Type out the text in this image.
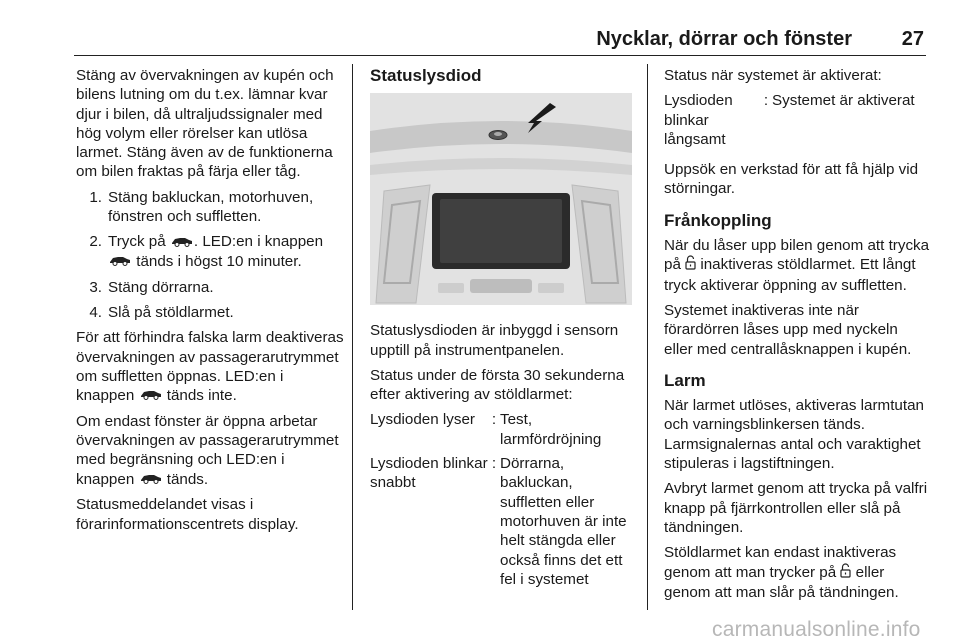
Nycklar, dörrar och fönster 27

Stäng av övervakningen av kupén och bilens lutning om du t.ex. lämnar kvar djur i bilen, då ultraljudssignaler med hög volym eller rörelser kan utlösa larmet. Stäng även av de funktionerna om bilen fraktas på färja eller tåg.

1. Stäng bakluckan, motorhuven, fönstren och suffletten.
2. Tryck på . LED:en i knappen  tänds i högst 10 minuter.
3. Stäng dörrarna.
4. Slå på stöldlarmet.

För att förhindra falska larm deaktiveras övervakningen av passagerarutrymmet om suffletten öppnas. LED:en i knappen  tänds inte.

Om endast fönster är öppna arbetar övervakningen av passagerarutrymmet med begränsning och LED:en i knappen  tänds.

Statusmeddelandet visas i förarinformationscentrets display.

Statuslysdiod

Statuslysdioden är inbyggd i sensorn upptill på instrumentpanelen.

Status under de första 30 sekunderna efter aktivering av stöldlarmet:

Lysdioden lyser	:	Test, larmfördröjning
Lysdioden blinkar snabbt	:	Dörrarna, bakluckan, suffletten eller motorhuven är inte helt stängda eller också finns det ett fel i systemet

Status när systemet är aktiverat:

Lysdioden blinkar långsamt	:	Systemet är aktiverat

Uppsök en verkstad för att få hjälp vid störningar.

Frånkoppling

När du låser upp bilen genom att trycka på  inaktiveras stöldlarmet. Ett långt tryck aktiverar öppning av suffletten.

Systemet inaktiveras inte när förardörren låses upp med nyckeln eller med centrallåsknappen i kupén.

Larm

När larmet utlöses, aktiveras larmtutan och varningsblinkersen tänds. Larmsignalernas antal och varaktighet stipuleras i lagstiftningen.

Avbryt larmet genom att trycka på valfri knapp på fjärrkontrollen eller slå på tändningen.

Stöldlarmet kan endast inaktiveras genom att man trycker på  eller genom att man slår på tändningen.

carmanualsonline.info
